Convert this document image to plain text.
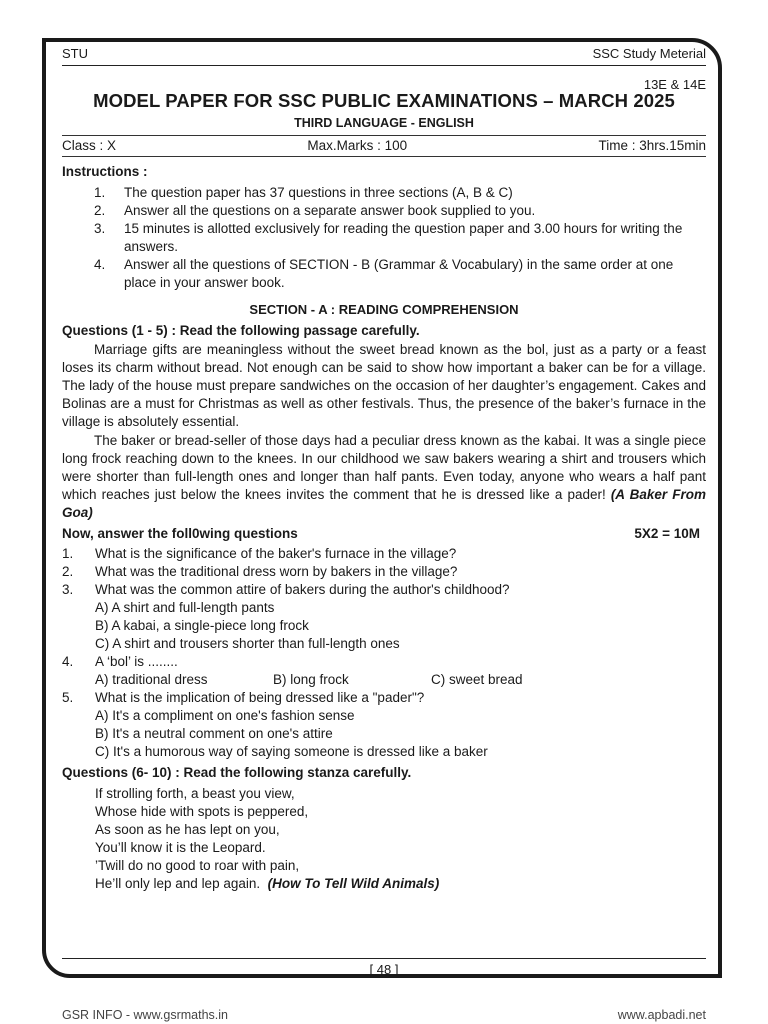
STU	SSC Study Meterial
13E & 14E
MODEL PAPER FOR SSC PUBLIC EXAMINATIONS – MARCH 2025
THIRD LANGUAGE - ENGLISH
Class : X	Max.Marks : 100	Time : 3hrs.15min
Instructions :
1.	The question paper has 37 questions in three sections (A, B & C)
2.	Answer all the questions on a separate answer book supplied to you.
3.	15 minutes is allotted exclusively for reading the question paper and 3.00 hours for writing the answers.
4.	Answer all the questions of SECTION - B (Grammar & Vocabulary) in the same order at one place in your answer book.
SECTION - A : READING COMPREHENSION
Questions (1 - 5) : Read the following passage carefully.
Marriage gifts are meaningless without the sweet bread known as the bol, just as a party or a feast loses its charm without bread. Not enough can be said to show how important a baker can be for a village. The lady of the house must prepare sandwiches on the occasion of her daughter’s engagement. Cakes and Bolinas are a must for Christmas as well as other festivals. Thus, the presence of the baker’s furnace in the village is absolutely essential.
The baker or bread-seller of those days had a peculiar dress known as the kabai. It was a single piece long frock reaching down to the knees. In our childhood we saw bakers wearing a shirt and trousers which were shorter than full-length ones and longer than half pants. Even today, anyone who wears a half pant which reaches just below the knees invites the comment that he is dressed like a pader! (A Baker From Goa)
Now, answer the foll0wing questions	5X2 = 10M
1.	What is the significance of the baker's furnace in the village?
2.	What was the traditional dress worn by bakers in the village?
3.	What was the common attire of bakers during the author's childhood?
A) A shirt and full-length pants
B) A kabai, a single-piece long frock
C) A shirt and trousers shorter than full-length ones
4.	A ‘bol’ is ........
A) traditional dress	B) long frock	C) sweet bread
5.	What is the implication of being dressed like a "pader"?
A) It's a compliment on one's fashion sense
B) It's a neutral comment on one's attire
C) It's a humorous way of saying someone is dressed like a baker
Questions (6- 10) : Read the following stanza carefully.
If strolling forth, a beast you view,
Whose hide with spots is peppered,
As soon as he has lept on you,
You’ll know it is the Leopard.
’Twill do no good to roar with pain,
He’ll only lep and lep again.  (How To Tell Wild Animals)
[ 48 ]
GSR INFO - www.gsrmaths.in	www.apbadi.net
